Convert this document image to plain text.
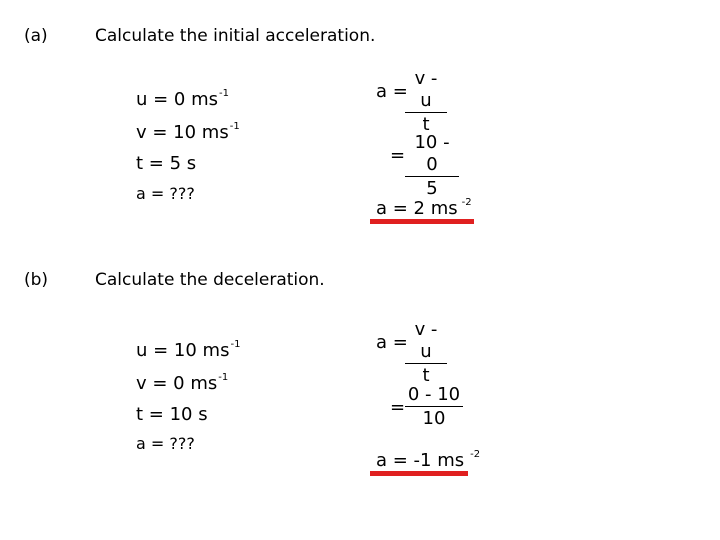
(a)	Calculate the initial acceleration.
u = 0 $ms^{-1}$
v = 10 $ms^{-1}$
t = 5 s
a = ???
a =
v - u
t
=
10 - 0
5
a = 2 ms $^{-2}$
(b)	Calculate the deceleration.
u = 10 $ms^{-1}$
v = 0 $ms^{-1}$
t = 10 s
a = ???
a =
v - u
t
=
0 - 10
10
a = -1 ms $^{-2}$
